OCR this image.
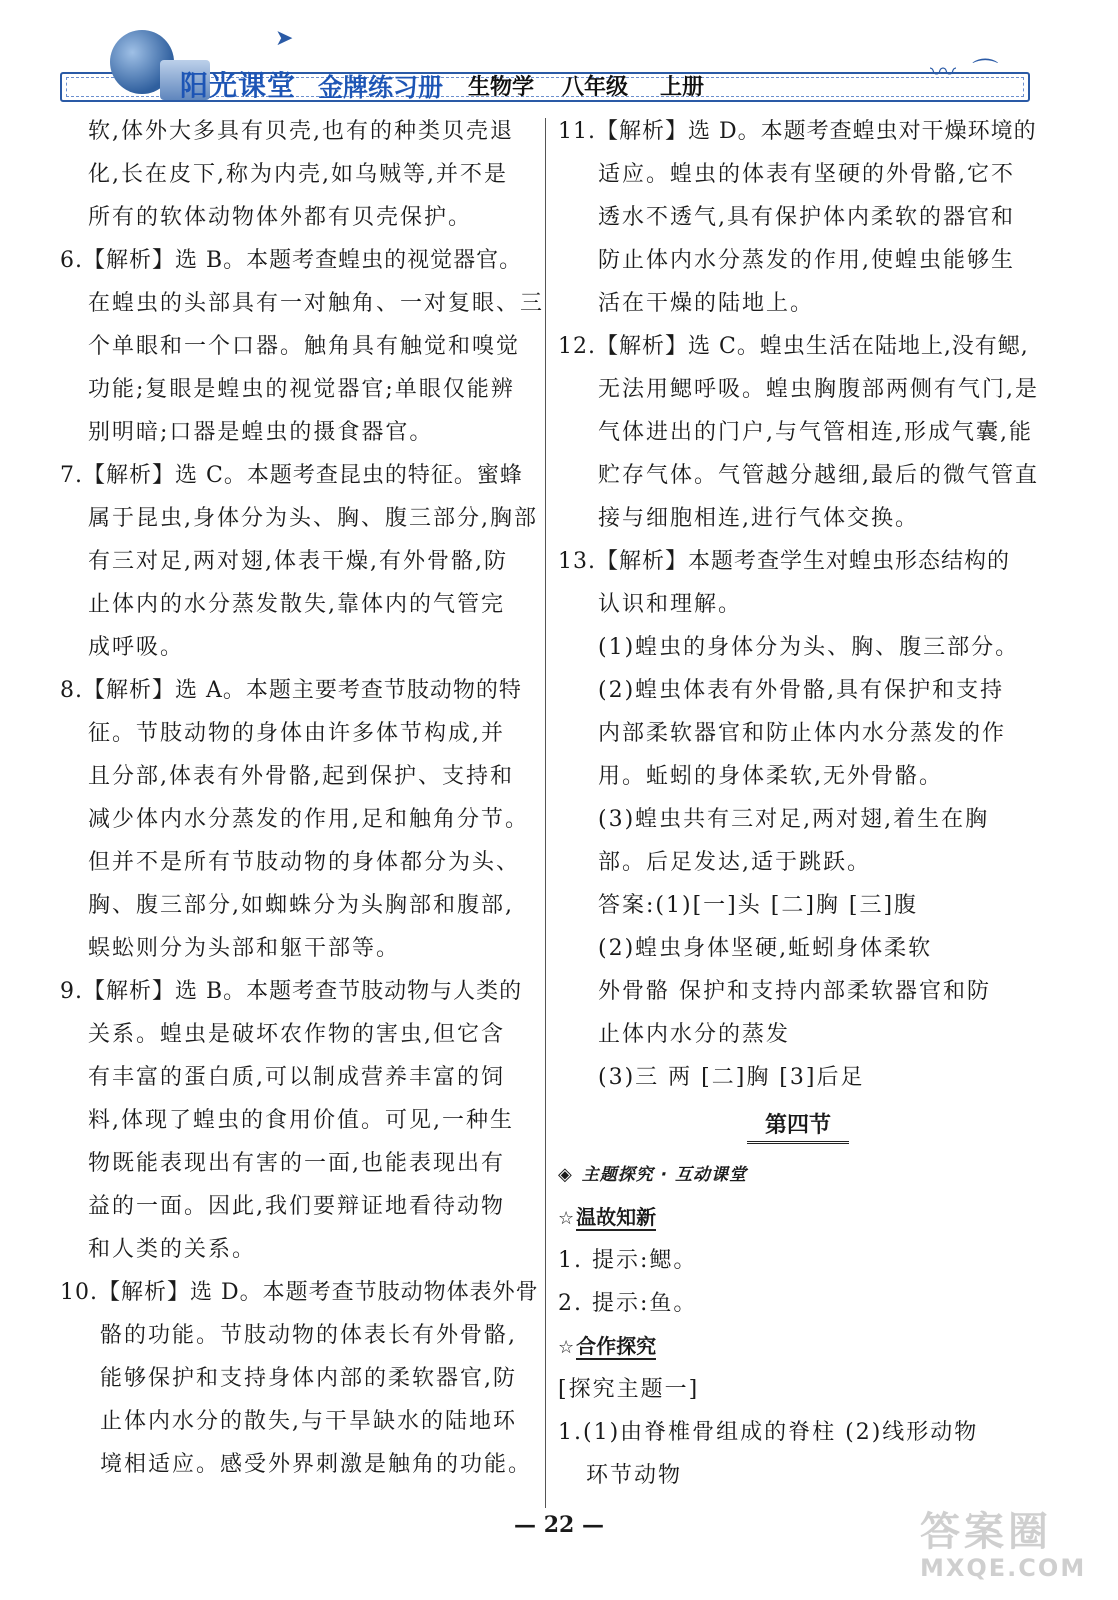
➤
〰 ⌒
阳光课堂 金牌练习册 生物学 八年级 上册
软,体外大多具有贝壳,也有的种类贝壳退
化,长在皮下,称为内壳,如乌贼等,并不是
所有的软体动物体外都有贝壳保护。
6.【解析】选 B。本题考查蝗虫的视觉器官。
在蝗虫的头部具有一对触角、一对复眼、三
个单眼和一个口器。触角具有触觉和嗅觉
功能;复眼是蝗虫的视觉器官;单眼仅能辨
别明暗;口器是蝗虫的摄食器官。
7.【解析】选 C。本题考查昆虫的特征。蜜蜂
属于昆虫,身体分为头、胸、腹三部分,胸部
有三对足,两对翅,体表干燥,有外骨骼,防
止体内的水分蒸发散失,靠体内的气管完
成呼吸。
8.【解析】选 A。本题主要考查节肢动物的特
征。节肢动物的身体由许多体节构成,并
且分部,体表有外骨骼,起到保护、支持和
减少体内水分蒸发的作用,足和触角分节。
但并不是所有节肢动物的身体都分为头、
胸、腹三部分,如蜘蛛分为头胸部和腹部,
蜈蚣则分为头部和躯干部等。
9.【解析】选 B。本题考查节肢动物与人类的
关系。蝗虫是破坏农作物的害虫,但它含
有丰富的蛋白质,可以制成营养丰富的饲
料,体现了蝗虫的食用价值。可见,一种生
物既能表现出有害的一面,也能表现出有
益的一面。因此,我们要辩证地看待动物
和人类的关系。
10.【解析】选 D。本题考查节肢动物体表外骨
骼的功能。节肢动物的体表长有外骨骼,
能够保护和支持身体内部的柔软器官,防
止体内水分的散失,与干旱缺水的陆地环
境相适应。感受外界刺激是触角的功能。
11.【解析】选 D。本题考查蝗虫对干燥环境的
适应。蝗虫的体表有坚硬的外骨骼,它不
透水不透气,具有保护体内柔软的器官和
防止体内水分蒸发的作用,使蝗虫能够生
活在干燥的陆地上。
12.【解析】选 C。蝗虫生活在陆地上,没有鳃,
无法用鳃呼吸。蝗虫胸腹部两侧有气门,是
气体进出的门户,与气管相连,形成气囊,能
贮存气体。气管越分越细,最后的微气管直
接与细胞相连,进行气体交换。
13.【解析】本题考查学生对蝗虫形态结构的
认识和理解。
(1)蝗虫的身体分为头、胸、腹三部分。
(2)蝗虫体表有外骨骼,具有保护和支持
内部柔软器官和防止体内水分蒸发的作
用。蚯蚓的身体柔软,无外骨骼。
(3)蝗虫共有三对足,两对翅,着生在胸
部。后足发达,适于跳跃。
答案:(1)[一]头 [二]胸 [三]腹
(2)蝗虫身体坚硬,蚯蚓身体柔软
外骨骼 保护和支持内部柔软器官和防
止体内水分的蒸发
(3)三 两 [二]胸 [3]后足
第四节
◈ 主题探究 · 互动课堂
☆ 温故知新
1. 提示:鳃。
2. 提示:鱼。
☆ 合作探究
[探究主题一]
1.(1)由脊椎骨组成的脊柱 (2)线形动物
环节动物
— 22 —	答案圈
MXQE.COM
